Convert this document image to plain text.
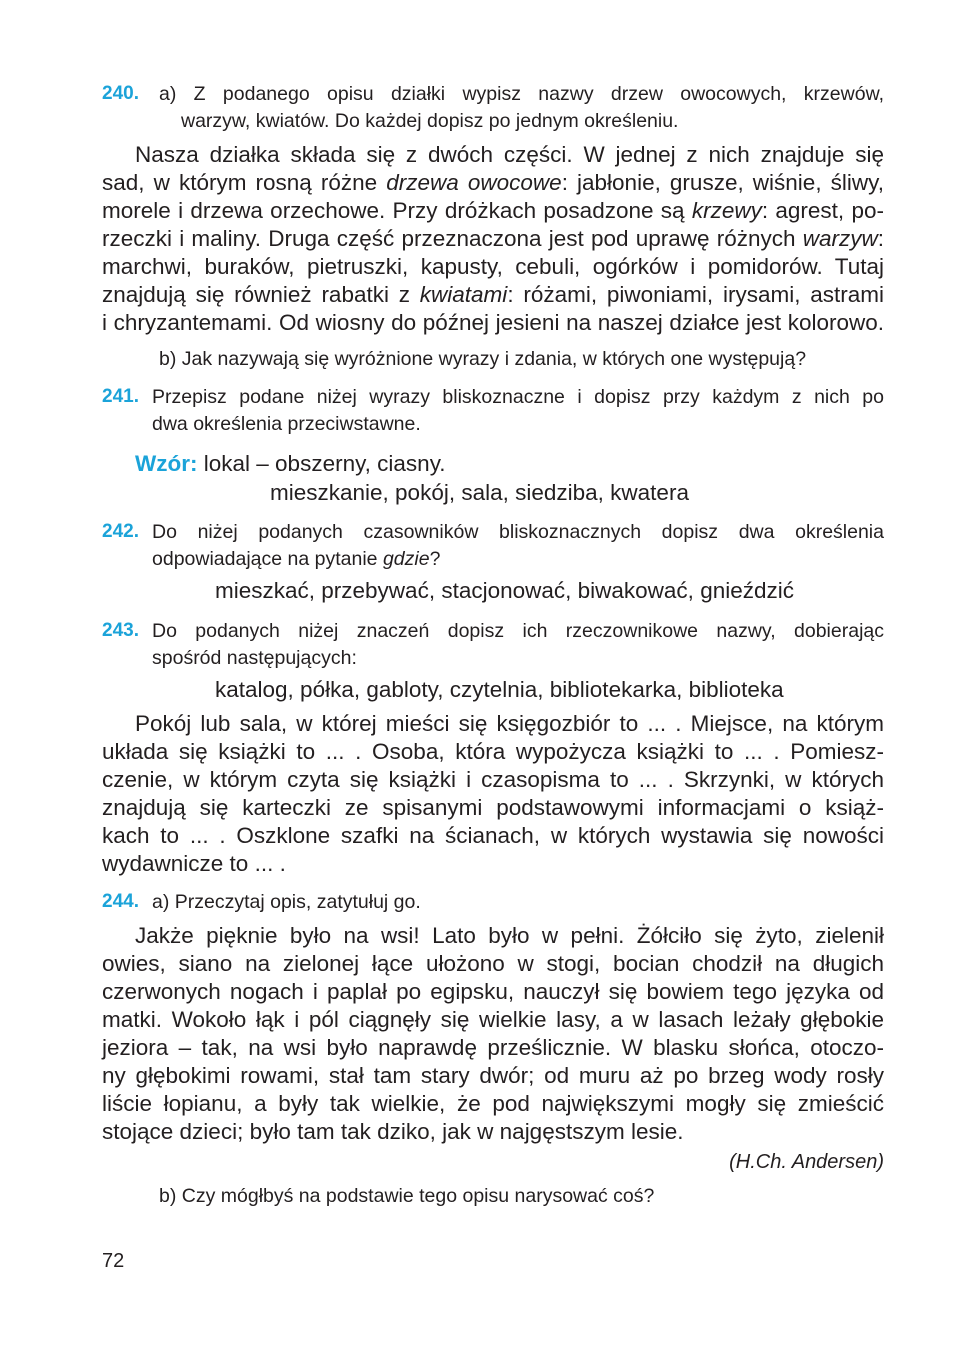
240. a) Z podanego opisu działki wypisz nazwy drzew owocowych, krzewów,
warzyw, kwiatów. Do każdej dopisz po jednym określeniu.
Nasza działka składa się z dwóch części. W jednej z nich znajduje się
sad, w którym rosną różne drzewa owocowe: jabłonie, grusze, wiśnie, śliwy,
morele i drzewa orzechowe. Przy dróżkach posadzone są krzewy: agrest, po-
rzeczki i maliny. Druga część przeznaczona jest pod uprawę różnych warzyw:
marchwi, buraków, pietruszki, kapusty, cebuli, ogórków i pomidorów. Tutaj
znajdują się również rabatki z kwiatami: różami, piwoniami, irysami, astrami
i chryzantemami. Od wiosny do późnej jesieni na naszej działce jest kolorowo.
b) Jak nazywają się wyróżnione wyrazy i zdania, w których one występują?
241. Przepisz podane niżej wyrazy bliskoznaczne i dopisz przy każdym z nich po
dwa określenia przeciwstawne.
Wzór: lokal – obszerny, ciasny.
mieszkanie, pokój, sala, siedziba, kwatera
242. Do niżej podanych czasowników bliskoznacznych dopisz dwa określenia
odpowiadające na pytanie gdzie?
mieszkać, przebywać, stacjonować, biwakować, gnieździć
243. Do podanych niżej znaczeń dopisz ich rzeczownikowe nazwy, dobierając
spośród następujących:
katalog, półka, gabloty, czytelnia, bibliotekarka, biblioteka
Pokój lub sala, w której mieści się księgozbiór to ... . Miejsce, na którym
układa się książki to ... . Osoba, która wypożycza książki to ... . Pomiesz-
czenie, w którym czyta się książki i czasopisma to ... . Skrzynki, w których
znajdują się karteczki ze spisanymi podstawowymi informacjami o książ-
kach to ... . Oszklone szafki na ścianach, w których wystawia się nowości
wydawnicze to ... .
244. a) Przeczytaj opis, zatytułuj go.
Jakże pięknie było na wsi! Lato było w pełni. Żółciło się żyto, zielenił
owies, siano na zielonej łące ułożono w stogi, bocian chodził na długich
czerwonych nogach i paplał po egipsku, nauczył się bowiem tego języka od
matki. Wokoło łąk i pól ciągnęły się wielkie lasy, a w lasach leżały głębokie
jeziora – tak, na wsi było naprawdę prześlicznie. W blasku słońca, otoczo-
ny głębokimi rowami, stał tam stary dwór; od muru aż po brzeg wody rosły
liście łopianu, a były tak wielkie, że pod największymi mogły się zmieścić
stojące dzieci; było tam tak dziko, jak w najgęstszym lesie.
(H.Ch. Andersen)
b) Czy mógłbyś na podstawie tego opisu narysować coś?
72
